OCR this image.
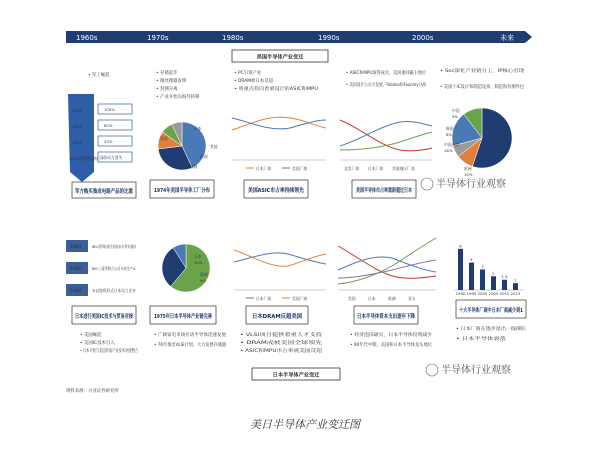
1960s	1970s	1980s	1990s	2000s	未来
美国半导体产业变迁
• 军工崛起
1962
1967
1967
60年代国防采购
100%
80%
43%
国防动力消失
军方购买集成电路产品的比重
• 存储起步
• 微处理器发明
• 封测分离
• 产业开始向海外转移
美国
日本
欧洲
新加坡
其他
1974年美国半导体工厂分布
• PC引领产业
• DRAM被日本反超
• 将重点投向着重设计的ASIC和MPU
日本厂商	美国厂商
美国ASIC市占率持续领先
• ASIC和MPU取得成功，美国重回霸主地位
• 美国设计公司大发展，Fabless和Foundry分离
北美厂商 日本厂商 其他地区厂商
美国半导体市占率重新超过日本
• Soc深化产业链分工，IP核心出现
• 美国十IC设计和制造设备、制造和封测外包
美国
53%
中国
9%
韩国
6%
中国台湾
18%
欧洲
10%
半导体行业观察
1963
1966
1968
NEC获得仙童平面技术专利实施权
NEC三菱等联合公司开始生产IC
TI以独资形式日本设立企业
日本进行美国IC技术与贸易对接
• 美国崛起
• 美国IC技术引入
• 日本开始与美国形成产业技术对接整合
美国
61%
日本
30%
欧洲
9%
1975年日本半导体产业链完善
• 广阔家电市场拉动半导体迅速发展
• 76年推出VLSI计划，大力发展存储器
日本厂商	美国厂商
日本DRAM反超美国
• VLSI项目提供着重人才支持
• DRAM成被美国全球领先
• ASIC和MPU市占率被美国反超
美国	日本	欧洲	亚太
日本半导体资本支出逐年下降
• 经济泡沫破灭，日本半导体投资减少
• 90年代中期，美国和日本半导体龙头地位
6
1990
4
1995
3
2000
2
2005
1.5
2010
1
2015
十大半导体厂商中日本厂商减少到1
• 日本厂商在逐步退出一线梯队
• 日本半导体衰落
日本半导体产业变迁	半导体行业观察
资料来源：兴业证券研究所
美日半导体产业变迁图
